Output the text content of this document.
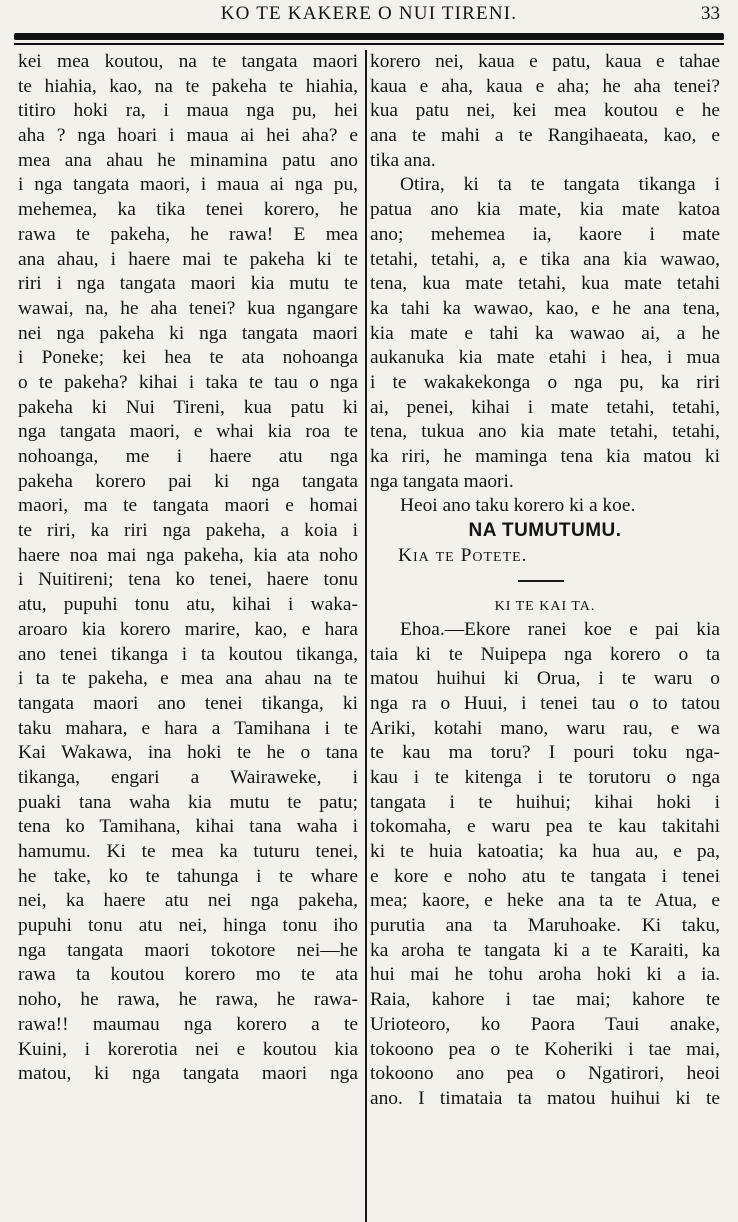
KO TE KAKERE O NUI TIRENI.	33
kei mea koutou, na te tangata maori
te hiahia, kao, na te pakeha te hiahia,
titiro hoki ra, i maua nga pu, hei
aha ? nga hoari i maua ai hei aha? e
mea ana ahau he minamina patu ano
i nga tangata maori, i maua ai nga pu,
mehemea, ka tika tenei korero, he
rawa te pakeha, he rawa! E mea
ana ahau, i haere mai te pakeha ki te
riri i nga tangata maori kia mutu te
wawai, na, he aha tenei? kua ngangare
nei nga pakeha ki nga tangata maori
i Poneke; kei hea te ata nohoanga
o te pakeha? kihai i taka te tau o nga
pakeha ki Nui Tireni, kua patu ki
nga tangata maori, e whai kia roa te
nohoanga, me i haere atu nga
pakeha korero pai ki nga tangata
maori, ma te tangata maori e homai
te riri, ka riri nga pakeha, a koia i
haere noa mai nga pakeha, kia ata noho
i Nuitireni; tena ko tenei, haere tonu
atu, pupuhi tonu atu, kihai i waka-
aroaro kia korero marire, kao, e hara
ano tenei tikanga i ta koutou tikanga,
i ta te pakeha, e mea ana ahau na te
tangata maori ano tenei tikanga, ki
taku mahara, e hara a Tamihana i te
Kai Wakawa, ina hoki te he o tana
tikanga, engari a Wairaweke, i
puaki tana waha kia mutu te patu;
tena ko Tamihana, kihai tana waha i
hamumu. Ki te mea ka tuturu tenei,
he take, ko te tahunga i te whare
nei, ka haere atu nei nga pakeha,
pupuhi tonu atu nei, hinga tonu iho
nga tangata maori tokotore nei—he
rawa ta koutou korero mo te ata
noho, he rawa, he rawa, he rawa-
rawa!! maumau nga korero a te
Kuini, i korerotia nei e koutou kia
matou, ki nga tangata maori nga
korero nei, kaua e patu, kaua e tahae
kaua e aha, kaua e aha; he aha tenei?
kua patu nei, kei mea koutou e he
ana te mahi a te Rangihaeata, kao, e
tika ana.
Otira, ki ta te tangata tikanga i
patua ano kia mate, kia mate katoa
ano; mehemea ia, kaore i mate
tetahi, tetahi, a, e tika ana kia wawao,
tena, kua mate tetahi, kua mate tetahi
ka tahi ka wawao, kao, e he ana tena,
kia mate e tahi ka wawao ai, a he
aukanuka kia mate etahi i hea, i mua
i te wakakekonga o nga pu, ka riri
ai, penei, kihai i mate tetahi, tetahi,
tena, tukua ano kia mate tetahi, tetahi,
ka riri, he maminga tena kia matou ki
nga tangata maori.
Heoi ano taku korero ki a koe.
NA TUMUTUMU.
Kia te Potete.
KI TE KAI TA.
Ehoa.—Ekore ranei koe e pai kia
taia ki te Nuipepa nga korero o ta
matou huihui ki Orua, i te waru o
nga ra o Huui, i tenei tau o to tatou
Ariki, kotahi mano, waru rau, e wa
te kau ma toru? I pouri toku nga-
kau i te kitenga i te torutoru o nga
tangata i te huihui; kihai hoki i
tokomaha, e waru pea te kau takitahi
ki te huia katoatia; ka hua au, e pa,
e kore e noho atu te tangata i tenei
mea; kaore, e heke ana ta te Atua, e
purutia ana ta Maruhoake. Ki taku,
ka aroha te tangata ki a te Karaiti, ka
hui mai he tohu aroha hoki ki a ia.
Raia, kahore i tae mai; kahore te
Urioteoro, ko Paora Taui anake,
tokoono pea o te Koheriki i tae mai,
tokoono ano pea o Ngatirori, heoi
ano. I timataia ta matou huihui ki te
